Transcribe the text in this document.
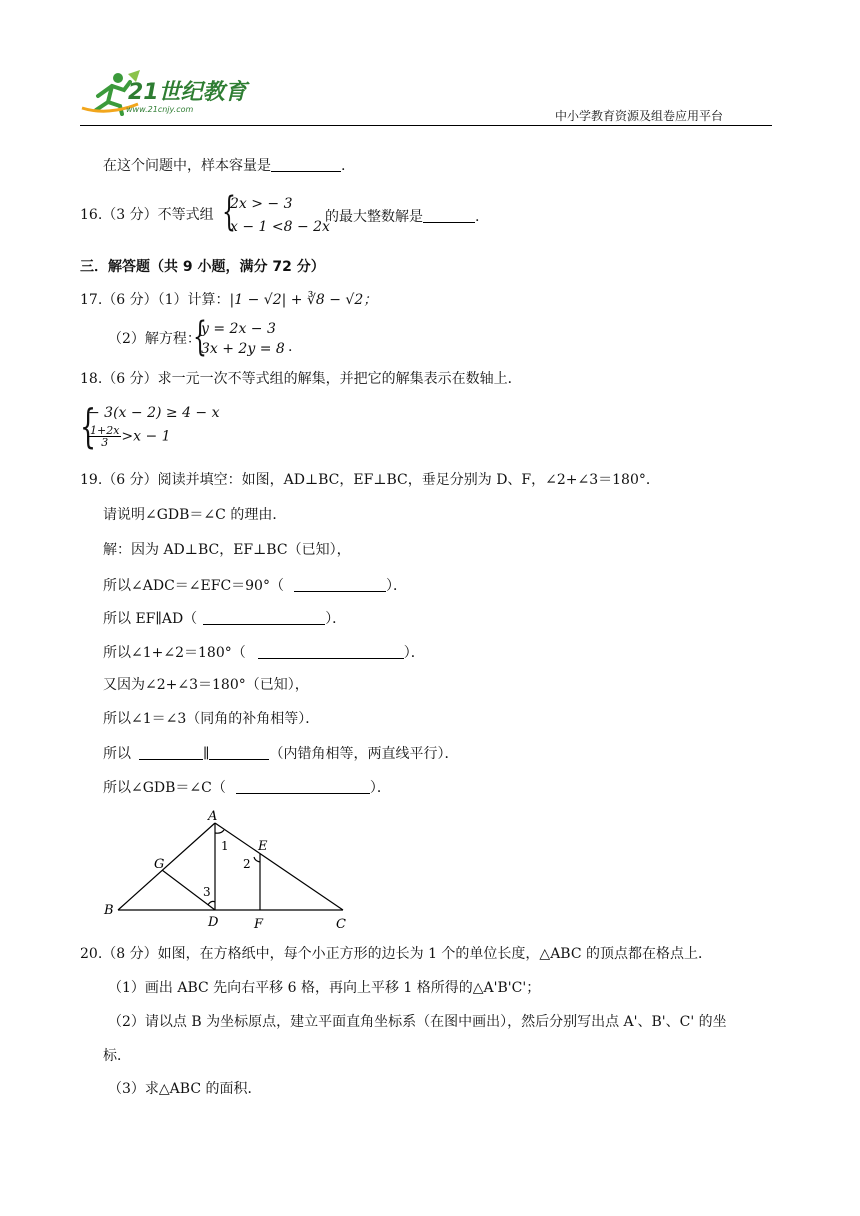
21世纪教育
www.21cnjy.com	中小学教育资源及组卷应用平台
在这个问题中，样本容量是	.
16.（3 分）不等式组 {
2x > − 3
x − 1 <8 − 2x
的最大整数解是	.
三．解答题（共 9 小题，满分 72 分）
17.（6 分）（1）计算：|1 − √2| + ∛8 − √2；
（2）解方程：
{
y = 2x − 3
3x + 2y = 8 .
18.（6 分）求一元一次不等式组的解集，并把它的解集表示在数轴上．
{
− 3(x − 2) ≥ 4 − x
$\frac{1+2x}{3} >x - 1$
19.（6 分）阅读并填空：如图，AD⊥BC，EF⊥BC，垂足分别为 D、F，∠2+∠3＝180°．
请说明∠GDB＝∠C 的理由．
解：因为 AD⊥BC，EF⊥BC（已知），
所以∠ADC＝∠EFC＝90°（	）．
所以 EF∥AD（	）．
所以∠1+∠2＝180°（	）．
又因为∠2+∠3＝180°（已知），
所以∠1＝∠3（同角的补角相等）．
所以	∥	（内错角相等，两直线平行）．
所以∠GDB＝∠C（	）．
A
B
C
D
E
F
G
1
2
3
20.（8 分）如图，在方格纸中，每个小正方形的边长为 1 个的单位长度，△ABC 的顶点都在格点上．
（1）画出 ABC 先向右平移 6 格，再向上平移 1 格所得的△A'B'C'；
（2）请以点 B 为坐标原点，建立平面直角坐标系（在图中画出），然后分别写出点 A'、B'、C' 的坐
标．
（3）求△ABC 的面积．
